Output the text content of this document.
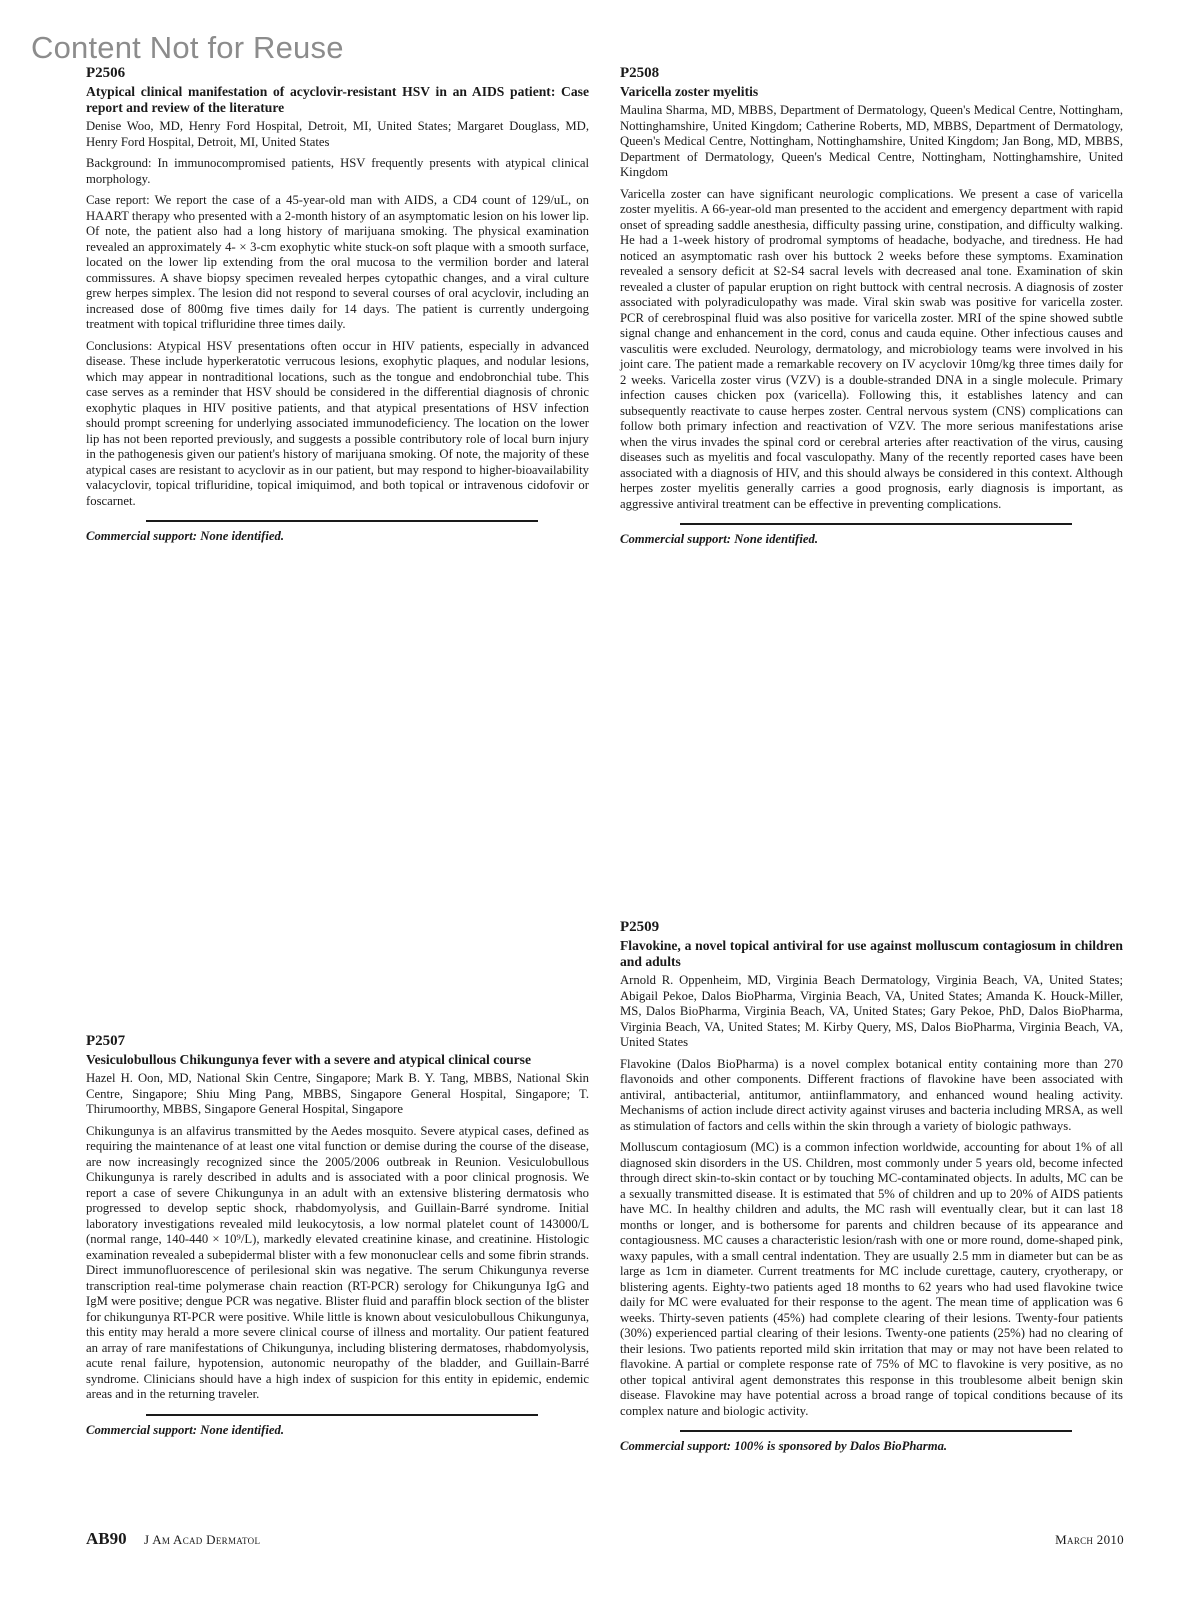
Content Not for Reuse
P2506
Atypical clinical manifestation of acyclovir-resistant HSV in an AIDS patient: Case report and review of the literature
Denise Woo, MD, Henry Ford Hospital, Detroit, MI, United States; Margaret Douglass, MD, Henry Ford Hospital, Detroit, MI, United States

Background: In immunocompromised patients, HSV frequently presents with atypical clinical morphology.

Case report: We report the case of a 45-year-old man with AIDS, a CD4 count of 129/uL, on HAART therapy who presented with a 2-month history of an asymptomatic lesion on his lower lip. Of note, the patient also had a long history of marijuana smoking. The physical examination revealed an approximately 4- × 3-cm exophytic white stuck-on soft plaque with a smooth surface, located on the lower lip extending from the oral mucosa to the vermilion border and lateral commissures. A shave biopsy specimen revealed herpes cytopathic changes, and a viral culture grew herpes simplex. The lesion did not respond to several courses of oral acyclovir, including an increased dose of 800mg five times daily for 14 days. The patient is currently undergoing treatment with topical trifluridine three times daily.

Conclusions: Atypical HSV presentations often occur in HIV patients, especially in advanced disease. These include hyperkeratotic verrucous lesions, exophytic plaques, and nodular lesions, which may appear in nontraditional locations, such as the tongue and endobronchial tube. This case serves as a reminder that HSV should be considered in the differential diagnosis of chronic exophytic plaques in HIV positive patients, and that atypical presentations of HSV infection should prompt screening for underlying associated immunodeficiency. The location on the lower lip has not been reported previously, and suggests a possible contributory role of local burn injury in the pathogenesis given our patient's history of marijuana smoking. Of note, the majority of these atypical cases are resistant to acyclovir as in our patient, but may respond to higher-bioavailability valacyclovir, topical trifluridine, topical imiquimod, and both topical or intravenous cidofovir or foscarnet.

Commercial support: None identified.
P2508
Varicella zoster myelitis
Maulina Sharma, MD, MBBS, Department of Dermatology, Queen's Medical Centre, Nottingham, Nottinghamshire, United Kingdom; Catherine Roberts, MD, MBBS, Department of Dermatology, Queen's Medical Centre, Nottingham, Nottinghamshire, United Kingdom; Jan Bong, MD, MBBS, Department of Dermatology, Queen's Medical Centre, Nottingham, Nottinghamshire, United Kingdom

Varicella zoster can have significant neurologic complications. We present a case of varicella zoster myelitis. A 66-year-old man presented to the accident and emergency department with rapid onset of spreading saddle anesthesia, difficulty passing urine, constipation, and difficulty walking. He had a 1-week history of prodromal symptoms of headache, bodyache, and tiredness. He had noticed an asymptomatic rash over his buttock 2 weeks before these symptoms. Examination revealed a sensory deficit at S2-S4 sacral levels with decreased anal tone. Examination of skin revealed a cluster of papular eruption on right buttock with central necrosis. A diagnosis of zoster associated with polyradiculopathy was made. Viral skin swab was positive for varicella zoster. PCR of cerebrospinal fluid was also positive for varicella zoster. MRI of the spine showed subtle signal change and enhancement in the cord, conus and cauda equine. Other infectious causes and vasculitis were excluded. Neurology, dermatology, and microbiology teams were involved in his joint care. The patient made a remarkable recovery on IV acyclovir 10mg/kg three times daily for 2 weeks. Varicella zoster virus (VZV) is a double-stranded DNA in a single molecule. Primary infection causes chicken pox (varicella). Following this, it establishes latency and can subsequently reactivate to cause herpes zoster. Central nervous system (CNS) complications can follow both primary infection and reactivation of VZV. The more serious manifestations arise when the virus invades the spinal cord or cerebral arteries after reactivation of the virus, causing diseases such as myelitis and focal vasculopathy. Many of the recently reported cases have been associated with a diagnosis of HIV, and this should always be considered in this context. Although herpes zoster myelitis generally carries a good prognosis, early diagnosis is important, as aggressive antiviral treatment can be effective in preventing complications.

Commercial support: None identified.
P2507
Vesiculobullous Chikungunya fever with a severe and atypical clinical course
Hazel H. Oon, MD, National Skin Centre, Singapore; Mark B. Y. Tang, MBBS, National Skin Centre, Singapore; Shiu Ming Pang, MBBS, Singapore General Hospital, Singapore; T. Thirumoorthy, MBBS, Singapore General Hospital, Singapore

Chikungunya is an alfavirus transmitted by the Aedes mosquito. Severe atypical cases, defined as requiring the maintenance of at least one vital function or demise during the course of the disease, are now increasingly recognized since the 2005/2006 outbreak in Reunion. Vesiculobullous Chikungunya is rarely described in adults and is associated with a poor clinical prognosis. We report a case of severe Chikungunya in an adult with an extensive blistering dermatosis who progressed to develop septic shock, rhabdomyolysis, and Guillain-Barré syndrome. Initial laboratory investigations revealed mild leukocytosis, a low normal platelet count of 143000/L (normal range, 140-440 × 10⁹/L), markedly elevated creatinine kinase, and creatinine. Histologic examination revealed a subepidermal blister with a few mononuclear cells and some fibrin strands. Direct immunofluorescence of perilesional skin was negative. The serum Chikungunya reverse transcription real-time polymerase chain reaction (RT-PCR) serology for Chikungunya IgG and IgM were positive; dengue PCR was negative. Blister fluid and paraffin block section of the blister for chikungunya RT-PCR were positive. While little is known about vesiculobullous Chikungunya, this entity may herald a more severe clinical course of illness and mortality. Our patient featured an array of rare manifestations of Chikungunya, including blistering dermatoses, rhabdomyolysis, acute renal failure, hypotension, autonomic neuropathy of the bladder, and Guillain-Barré syndrome. Clinicians should have a high index of suspicion for this entity in epidemic, endemic areas and in the returning traveler.

Commercial support: None identified.
P2509
Flavokine, a novel topical antiviral for use against molluscum contagiosum in children and adults
Arnold R. Oppenheim, MD, Virginia Beach Dermatology, Virginia Beach, VA, United States; Abigail Pekoe, Dalos BioPharma, Virginia Beach, VA, United States; Amanda K. Houck-Miller, MS, Dalos BioPharma, Virginia Beach, VA, United States; Gary Pekoe, PhD, Dalos BioPharma, Virginia Beach, VA, United States; M. Kirby Query, MS, Dalos BioPharma, Virginia Beach, VA, United States

Flavokine (Dalos BioPharma) is a novel complex botanical entity containing more than 270 flavonoids and other components. Different fractions of flavokine have been associated with antiviral, antibacterial, antitumor, antiinflammatory, and enhanced wound healing activity. Mechanisms of action include direct activity against viruses and bacteria including MRSA, as well as stimulation of factors and cells within the skin through a variety of biologic pathways.

Molluscum contagiosum (MC) is a common infection worldwide, accounting for about 1% of all diagnosed skin disorders in the US. Children, most commonly under 5 years old, become infected through direct skin-to-skin contact or by touching MC-contaminated objects. In adults, MC can be a sexually transmitted disease. It is estimated that 5% of children and up to 20% of AIDS patients have MC. In healthy children and adults, the MC rash will eventually clear, but it can last 18 months or longer, and is bothersome for parents and children because of its appearance and contagiousness. MC causes a characteristic lesion/rash with one or more round, dome-shaped pink, waxy papules, with a small central indentation. They are usually 2.5 mm in diameter but can be as large as 1cm in diameter. Current treatments for MC include curettage, cautery, cryotherapy, or blistering agents. Eighty-two patients aged 18 months to 62 years who had used flavokine twice daily for MC were evaluated for their response to the agent. The mean time of application was 6 weeks. Thirty-seven patients (45%) had complete clearing of their lesions. Twenty-four patients (30%) experienced partial clearing of their lesions. Twenty-one patients (25%) had no clearing of their lesions. Two patients reported mild skin irritation that may or may not have been related to flavokine. A partial or complete response rate of 75% of MC to flavokine is very positive, as no other topical antiviral agent demonstrates this response in this troublesome albeit benign skin disease. Flavokine may have potential across a broad range of topical conditions because of its complex nature and biologic activity.

Commercial support: 100% is sponsored by Dalos BioPharma.
AB90 J Am Acad Dermatol	March 2010
